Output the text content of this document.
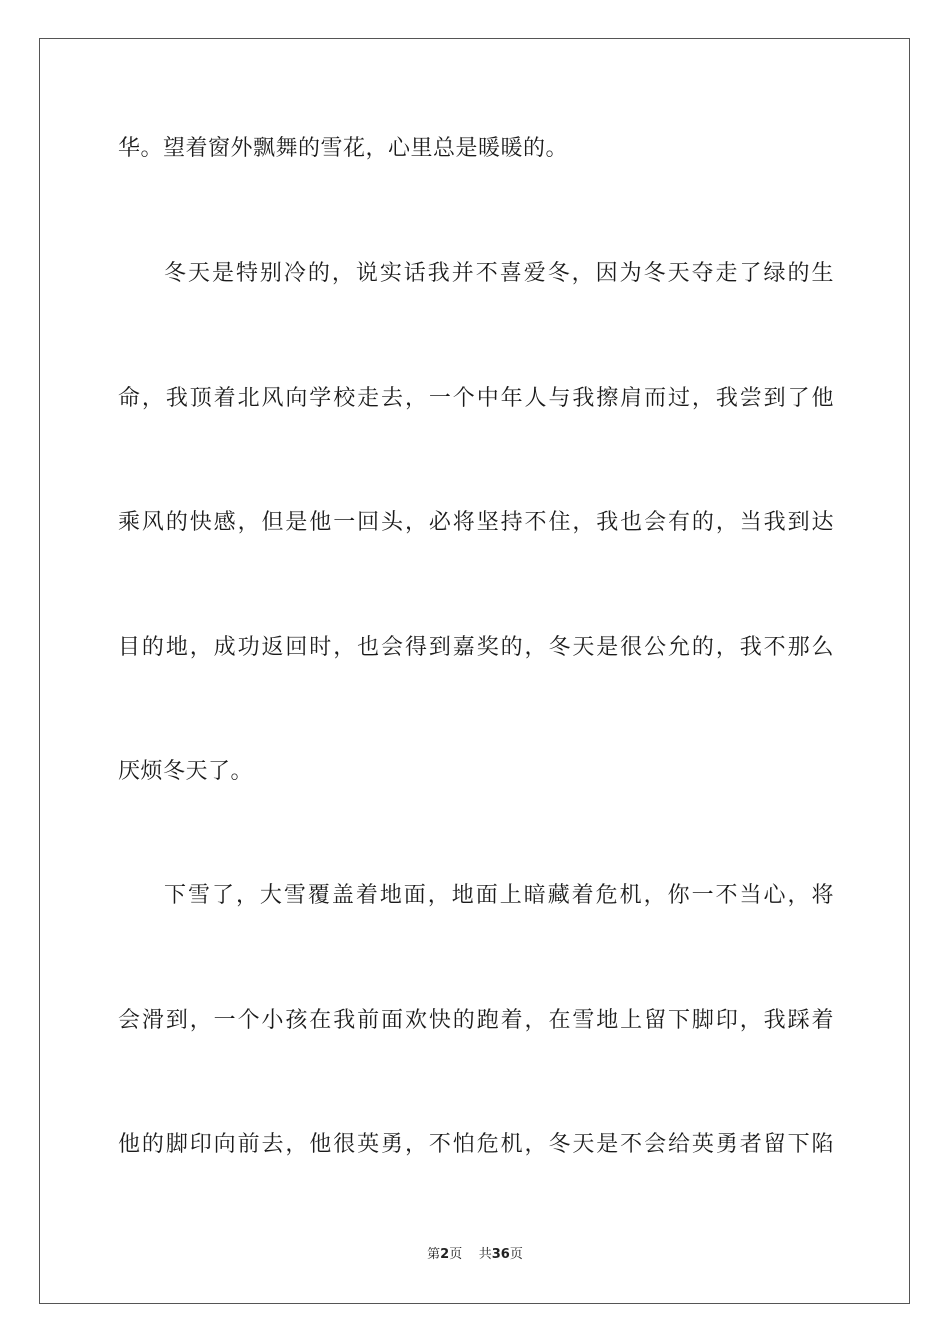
华。望着窗外飘舞的雪花，心里总是暖暖的。
冬天是特别冷的，说实话我并不喜爱冬，因为冬天夺走了绿的生
命，我顶着北风向学校走去，一个中年人与我擦肩而过，我尝到了他
乘风的快感，但是他一回头，必将坚持不住，我也会有的，当我到达
目的地，成功返回时，也会得到嘉奖的，冬天是很公允的，我不那么
厌烦冬天了。
下雪了，大雪覆盖着地面，地面上暗藏着危机，你一不当心，将
会滑到，一个小孩在我前面欢快的跑着，在雪地上留下脚印，我踩着
他的脚印向前去，他很英勇，不怕危机，冬天是不会给英勇者留下陷
第2页 共36页
